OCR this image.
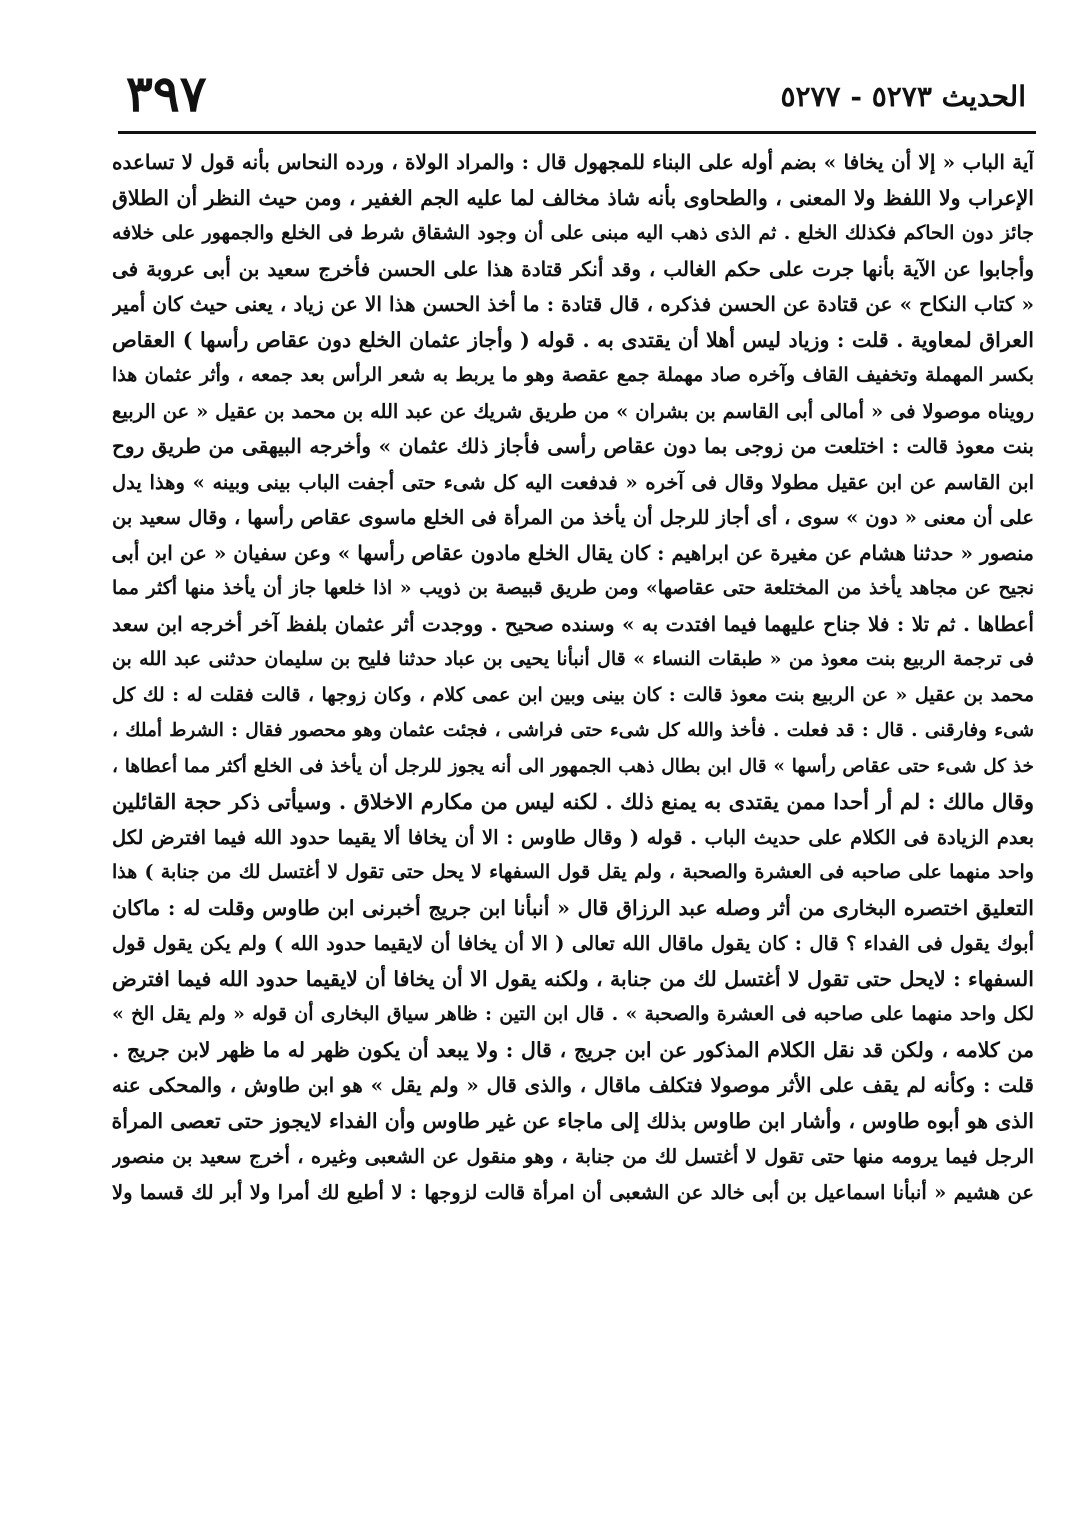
الحديث ٥٢٧٣ - ٥٢٧٧
٣٩٧
آية الباب « إلا أن يخافا » بضم أوله على البناء للمجهول قال : والمراد الولاة ، ورده النحاس بأنه قول لا تساعده
الإعراب ولا اللفظ ولا المعنى ، والطحاوى بأنه شاذ مخالف لما عليه الجم الغفير ، ومن حيث النظر أن الطلاق
جائز دون الحاكم فكذلك الخلع . ثم الذى ذهب اليه مبنى على أن وجود الشقاق شرط فى الخلع والجمهور على خلافه
وأجابوا عن الآية بأنها جرت على حكم الغالب ، وقد أنكر قتادة هذا على الحسن فأخرج سعيد بن أبى عروبة فى
« كتاب النكاح » عن قتادة عن الحسن فذكره ، قال قتادة : ما أخذ الحسن هذا الا عن زياد ، يعنى حيث كان أمير
العراق لمعاوية . قلت : وزياد ليس أهلا أن يقتدى به . قوله ( وأجاز عثمان الخلع دون عقاص رأسها ) العقاص
بكسر المهملة وتخفيف القاف وآخره صاد مهملة جمع عقصة وهو ما يربط به شعر الرأس بعد جمعه ، وأثر عثمان هذا
رويناه موصولا فى « أمالى أبى القاسم بن بشران » من طريق شريك عن عبد الله بن محمد بن عقيل « عن الربيع
بنت معوذ قالت : اختلعت من زوجى بما دون عقاص رأسى فأجاز ذلك عثمان » وأخرجه البيهقى من طريق روح
ابن القاسم عن ابن عقيل مطولا وقال فى آخره « فدفعت اليه كل شىء حتى أجفت الباب بينى وبينه » وهذا يدل
على أن معنى « دون » سوى ، أى أجاز للرجل أن يأخذ من المرأة فى الخلع ماسوى عقاص رأسها ، وقال سعيد بن
منصور « حدثنا هشام عن مغيرة عن ابراهيم : كان يقال الخلع مادون عقاص رأسها » وعن سفيان « عن ابن أبى
نجيح عن مجاهد يأخذ من المختلعة حتى عقاصها» ومن طريق قبيصة بن ذويب « اذا خلعها جاز أن يأخذ منها أكثر مما
أعطاها . ثم تلا : فلا جناح عليهما فيما افتدت به » وسنده صحيح . ووجدت أثر عثمان بلفظ آخر أخرجه ابن سعد
فى ترجمة الربيع بنت معوذ من « طبقات النساء » قال أنبأنا يحيى بن عباد حدثنا فليح بن سليمان حدثنى عبد الله بن
محمد بن عقيل « عن الربيع بنت معوذ قالت : كان بينى وبين ابن عمى كلام ، وكان زوجها ، قالت فقلت له : لك كل
شىء وفارقنى . قال : قد فعلت . فأخذ والله كل شىء حتى فراشى ، فجئت عثمان وهو محصور فقال : الشرط أملك ،
خذ كل شىء حتى عقاص رأسها » قال ابن بطال ذهب الجمهور الى أنه يجوز للرجل أن يأخذ فى الخلع أكثر مما أعطاها ،
وقال مالك : لم أر أحدا ممن يقتدى به يمنع ذلك . لكنه ليس من مكارم الاخلاق . وسيأتى ذكر حجة القائلين
بعدم الزيادة فى الكلام على حديث الباب . قوله ( وقال طاوس : الا أن يخافا ألا يقيما حدود الله فيما افترض لكل
واحد منهما على صاحبه فى العشرة والصحبة ، ولم يقل قول السفهاء لا يحل حتى تقول لا أغتسل لك من جنابة ) هذا
التعليق اختصره البخارى من أثر وصله عبد الرزاق قال « أنبأنا ابن جريج أخبرنى ابن طاوس وقلت له : ماكان
أبوك يقول فى الفداء ؟ قال : كان يقول ماقال الله تعالى ( الا أن يخافا أن لايقيما حدود الله ) ولم يكن يقول قول
السفهاء : لايحل حتى تقول لا أغتسل لك من جنابة ، ولكنه يقول الا أن يخافا أن لايقيما حدود الله فيما افترض
لكل واحد منهما على صاحبه فى العشرة والصحبة » . قال ابن التين : ظاهر سياق البخارى أن قوله « ولم يقل الخ »
من كلامه ، ولكن قد نقل الكلام المذكور عن ابن جريج ، قال : ولا يبعد أن يكون ظهر له ما ظهر لابن جريج .
قلت : وكأنه لم يقف على الأثر موصولا فتكلف ماقال ، والذى قال « ولم يقل » هو ابن طاوش ، والمحكى عنه
الذى هو أبوه طاوس ، وأشار ابن طاوس بذلك إلى ماجاء عن غير طاوس وأن الفداء لايجوز حتى تعصى المرأة
الرجل فيما يرومه منها حتى تقول لا أغتسل لك من جنابة ، وهو منقول عن الشعبى وغيره ، أخرج سعيد بن منصور
عن هشيم « أنبأنا اسماعيل بن أبى خالد عن الشعبى أن امرأة قالت لزوجها : لا أطيع لك أمرا ولا أبر لك قسما ولا
